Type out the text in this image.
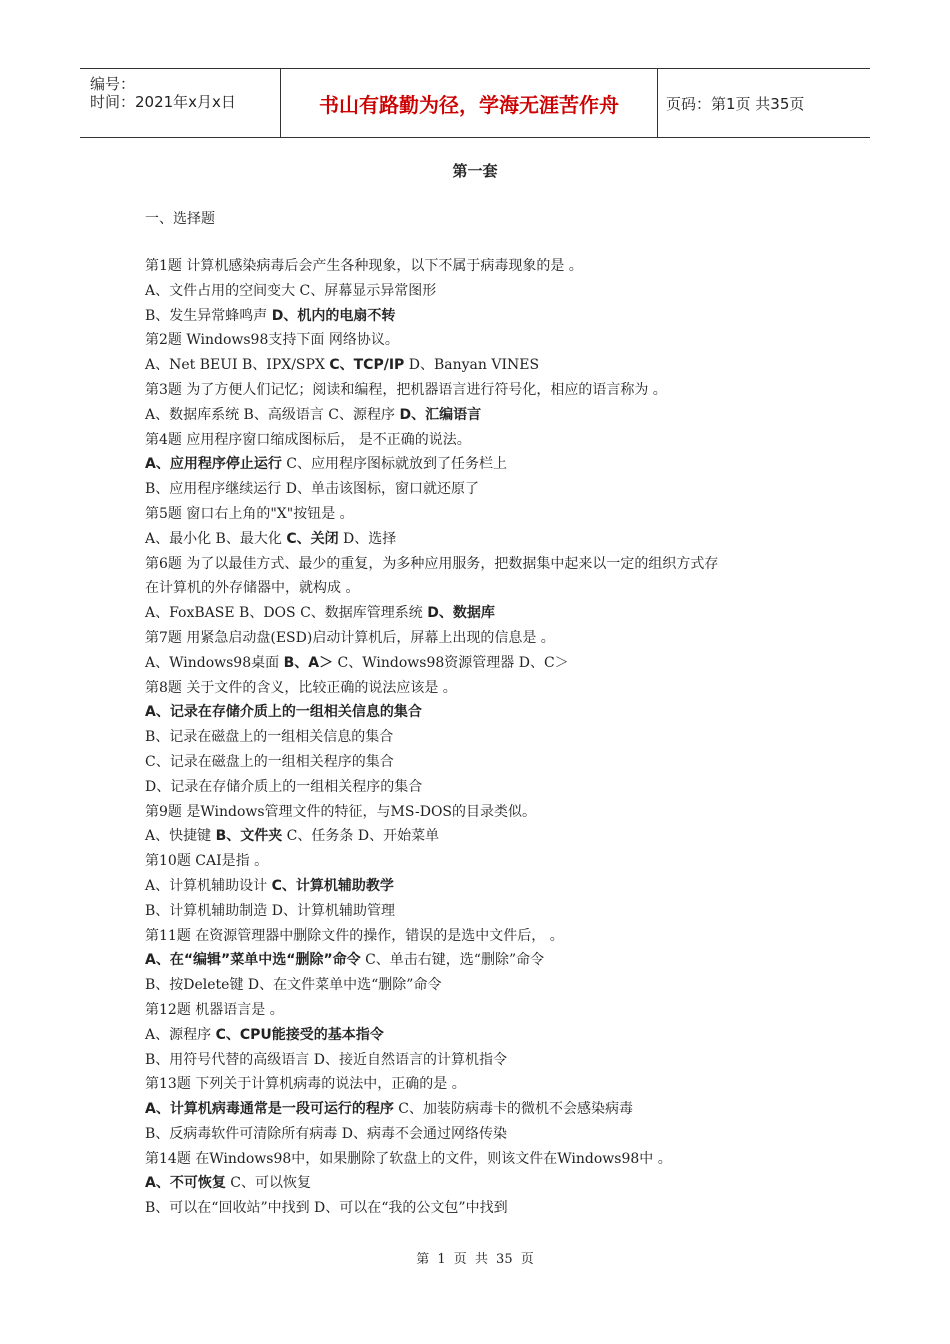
编号：
时间：2021年x月x日	书山有路勤为径，学海无涯苦作舟	页码：第1页 共35页
第一套
一、选择题
第1题 计算机感染病毒后会产生各种现象，以下不属于病毒现象的是 。
A、文件占用的空间变大 C、屏幕显示异常图形
B、发生异常蜂鸣声 D、机内的电扇不转
第2题 Windows98支持下面 网络协议。
A、Net BEUI B、IPX/SPX C、TCP/IP D、Banyan VINES
第3题 为了方便人们记忆；阅读和编程，把机器语言进行符号化，相应的语言称为 。
A、数据库系统 B、高级语言 C、源程序 D、汇编语言
第4题 应用程序窗口缩成图标后， 是不正确的说法。
A、应用程序停止运行 C、应用程序图标就放到了任务栏上
B、应用程序继续运行 D、单击该图标，窗口就还原了
第5题 窗口右上角的"X"按钮是 。
A、最小化 B、最大化 C、关闭 D、选择
第6题 为了以最佳方式、最少的重复，为多种应用服务，把数据集中起来以一定的组织方式存
在计算机的外存储器中，就构成 。
A、FoxBASE B、DOS C、数据库管理系统 D、数据库
第7题 用紧急启动盘(ESD)启动计算机后，屏幕上出现的信息是 。
A、Windows98桌面 B、A＞ C、Windows98资源管理器 D、C＞
第8题 关于文件的含义，比较正确的说法应该是 。
A、记录在存储介质上的一组相关信息的集合
B、记录在磁盘上的一组相关信息的集合
C、记录在磁盘上的一组相关程序的集合
D、记录在存储介质上的一组相关程序的集合
第9题 是Windows管理文件的特征，与MS-DOS的目录类似。
A、快捷键 B、文件夹 C、任务条 D、开始菜单
第10题 CAI是指 。
A、计算机辅助设计 C、计算机辅助教学
B、计算机辅助制造 D、计算机辅助管理
第11题 在资源管理器中删除文件的操作，错误的是选中文件后， 。
A、在“编辑”菜单中选“删除”命令 C、单击右键，选“删除”命令
B、按Delete键 D、在文件菜单中选“删除”命令
第12题 机器语言是 。
A、源程序 C、CPU能接受的基本指令
B、用符号代替的高级语言 D、接近自然语言的计算机指令
第13题 下列关于计算机病毒的说法中，正确的是 。
A、计算机病毒通常是一段可运行的程序 C、加装防病毒卡的微机不会感染病毒
B、反病毒软件可清除所有病毒 D、病毒不会通过网络传染
第14题 在Windows98中，如果删除了软盘上的文件，则该文件在Windows98中 。
A、不可恢复 C、可以恢复
B、可以在“回收站”中找到 D、可以在“我的公文包”中找到
第 1 页 共 35 页
